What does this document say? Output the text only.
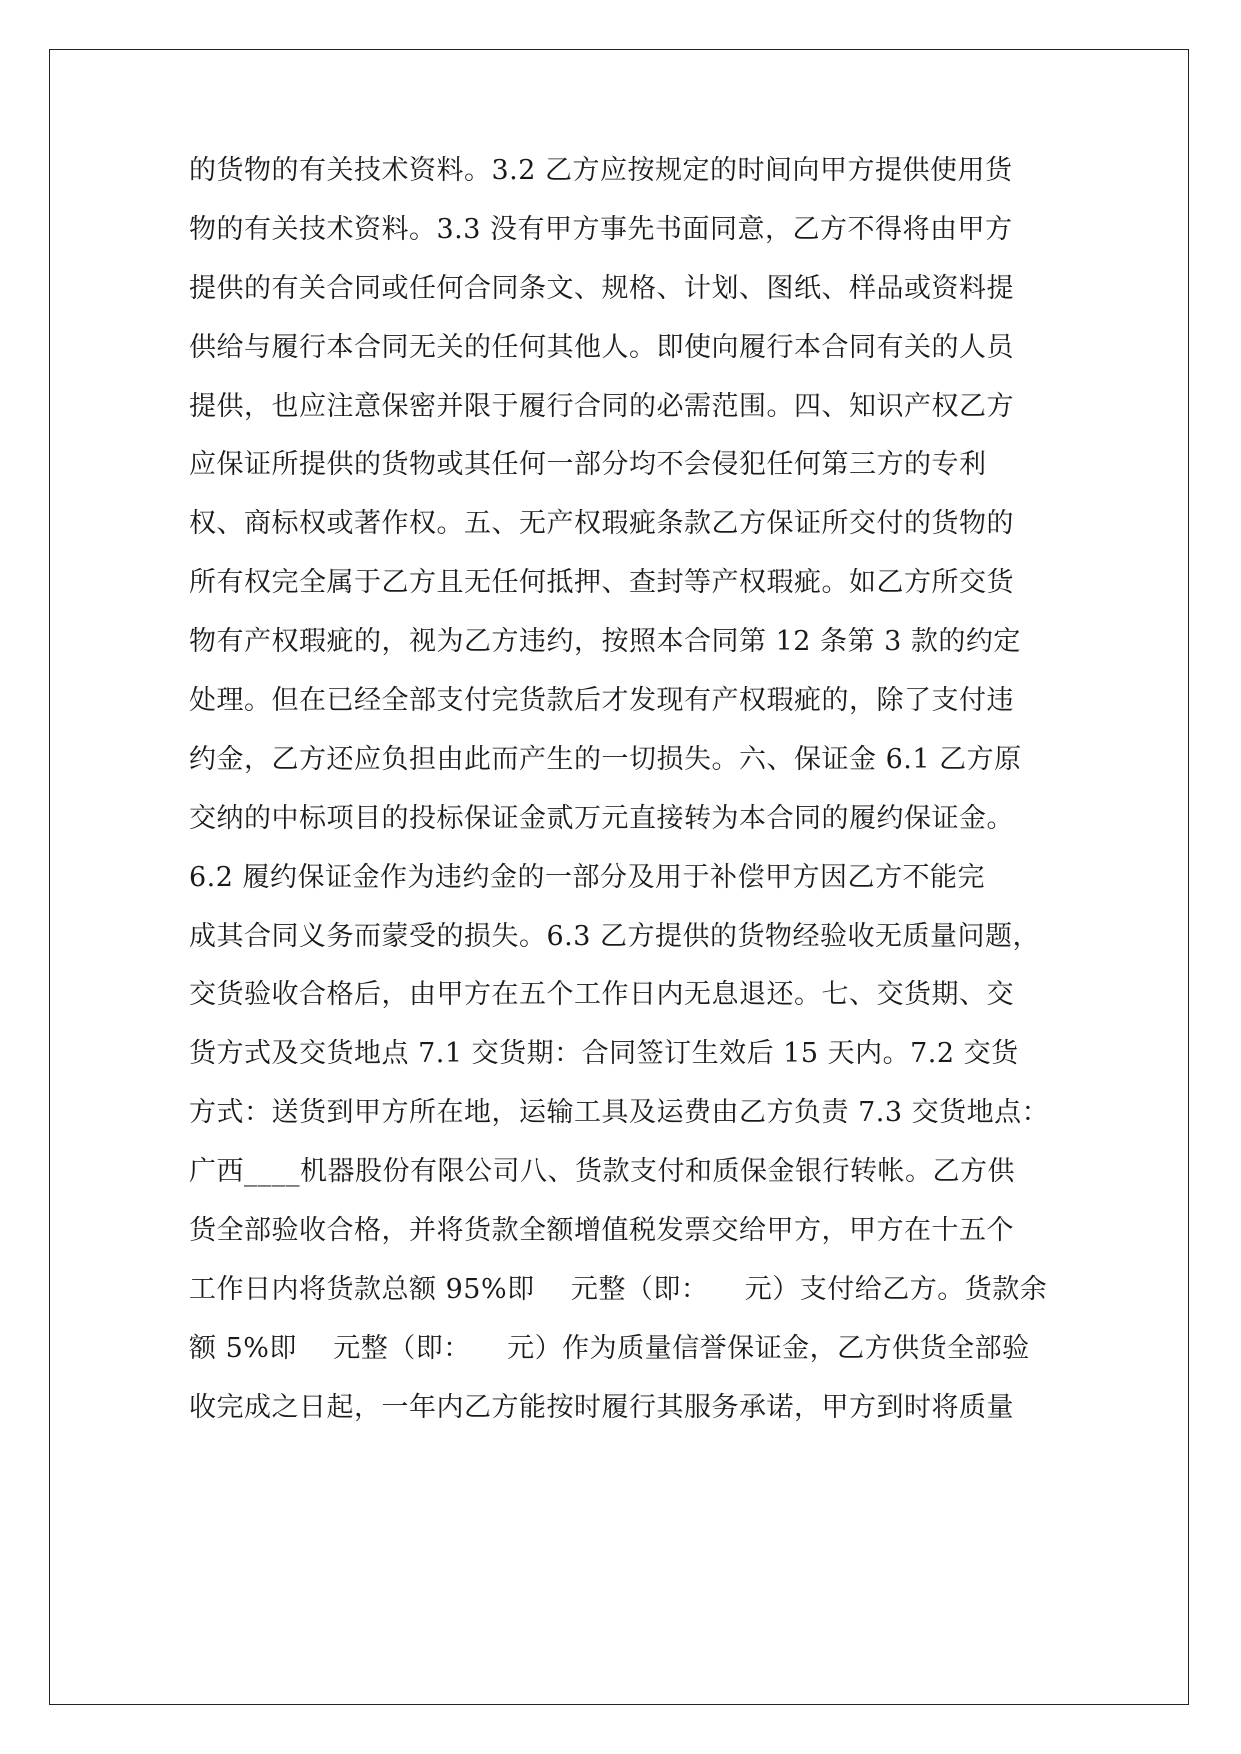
的货物的有关技术资料。3.2 乙方应按规定的时间向甲方提供使用货
物的有关技术资料。3.3 没有甲方事先书面同意，乙方不得将由甲方
提供的有关合同或任何合同条文、规格、计划、图纸、样品或资料提
供给与履行本合同无关的任何其他人。即使向履行本合同有关的人员
提供，也应注意保密并限于履行合同的必需范围。四、知识产权乙方
应保证所提供的货物或其任何一部分均不会侵犯任何第三方的专利
权、商标权或著作权。五、无产权瑕疵条款乙方保证所交付的货物的
所有权完全属于乙方且无任何抵押、查封等产权瑕疵。如乙方所交货
物有产权瑕疵的，视为乙方违约，按照本合同第 12 条第 3 款的约定
处理。但在已经全部支付完货款后才发现有产权瑕疵的，除了支付违
约金，乙方还应负担由此而产生的一切损失。六、保证金 6.1 乙方原
交纳的中标项目的投标保证金贰万元直接转为本合同的履约保证金。
6.2 履约保证金作为违约金的一部分及用于补偿甲方因乙方不能完
成其合同义务而蒙受的损失。6.3 乙方提供的货物经验收无质量问题，
交货验收合格后，由甲方在五个工作日内无息退还。七、交货期、交
货方式及交货地点 7.1 交货期：合同签订生效后 15 天内。7.2 交货
方式：送货到甲方所在地，运输工具及运费由乙方负责 7.3 交货地点：
广西____机器股份有限公司八、货款支付和质保金银行转帐。乙方供
货全部验收合格，并将货款全额增值税发票交给甲方，甲方在十五个
工作日内将货款总额 95%即    元整（即：    元）支付给乙方。货款余
额 5%即    元整（即：    元）作为质量信誉保证金，乙方供货全部验
收完成之日起，一年内乙方能按时履行其服务承诺，甲方到时将质量
